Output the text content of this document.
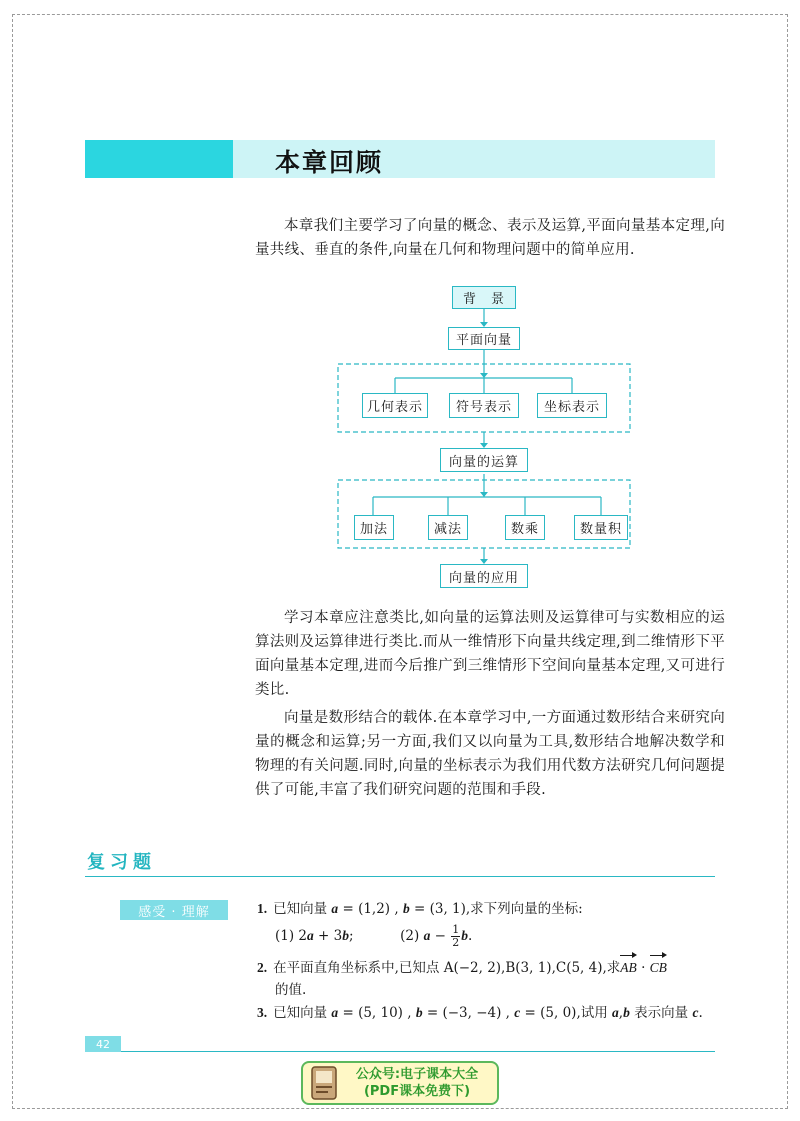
本章回顾

本章我们主要学习了向量的概念、表示及运算,平面向量基本定理,向量共线、垂直的条件,向量在几何和物理问题中的简单应用.

背　景
平面向量
几何表示	符号表示	坐标表示
向量的运算
加法	减法	数乘	数量积
向量的应用

学习本章应注意类比,如向量的运算法则及运算律可与实数相应的运算法则及运算律进行类比.而从一维情形下向量共线定理,到二维情形下平面向量基本定理,进而今后推广到三维情形下空间向量基本定理,又可进行类比.

向量是数形结合的载体.在本章学习中,一方面通过数形结合来研究向量的概念和运算;另一方面,我们又以向量为工具,数形结合地解决数学和物理的有关问题.同时,向量的坐标表示为我们用代数方法研究几何问题提供了可能,丰富了我们研究问题的范围和手段.

复习题
感受 · 理解	1. 已知向量 a = (1,2) , b = (3, 1),求下列向量的坐标:
(1) 2a + 3b;	(2) $a - \frac{1}{2} b$.
2. 在平面直角坐标系中,已知点 A(−2, 2),B(3, 1),C(5, 4),求AB · CB
的值.
3. 已知向量 a = (5, 10) , b = (−3, −4) , c = (5, 0),试用 a,b 表示向量 c.
42
公众号:电子课本大全
(PDF课本免费下)
